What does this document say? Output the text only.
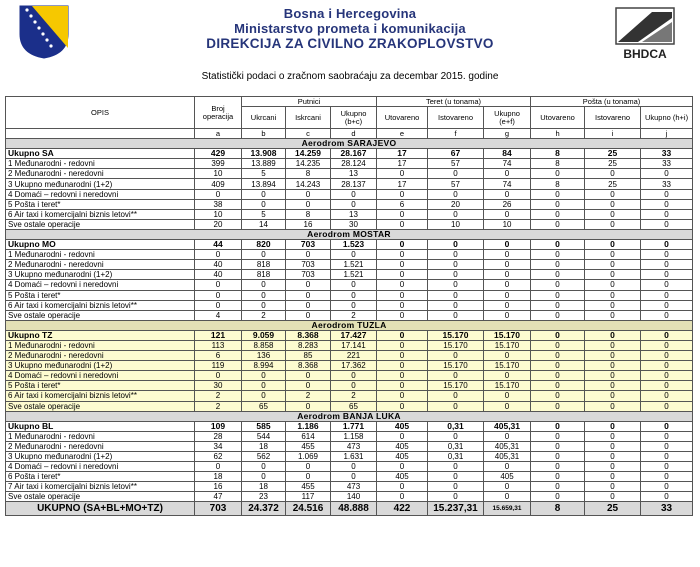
Bosna i Hercegovina
Ministarstvo prometa i komunikacija
DIREKCIJA ZA CIVILNO ZRAKOPLOVSTVO
BHDCA
Statistički podaci o zračnom saobraćaju za decembar 2015. godine
OPIS	Broj operacija	Putnici			Teret (u tonama)			Pošta (u tonama)		
		Ukrcani	Iskrcani	Ukupno (b+c)	Utovareno	Istovareno	Ukupno (e+f)	Utovareno	Istovareno	Ukupno (h+i)
	a	b	c	d	e	f	g	h	i	j
Aerodrom SARAJEVO										
Ukupno SA	429	13.908	14.259	28.167	17	67	84	8	25	33
1 Međunarodni - redovni	399	13.889	14.235	28.124	17	57	74	8	25	33
2 Međunarodni - neredovni	10	5	8	13	0	0	0	0	0	0
3 Ukupno međunarodni (1+2)	409	13.894	14.243	28.137	17	57	74	8	25	33
4 Domaći – redovni i neredovni	0	0	0	0	0	0	0	0	0	0
5 Pošta i teret*	38	0	0	0	6	20	26	0	0	0
6 Air taxi i komercijalni biznis letovi**	10	5	8	13	0	0	0	0	0	0
Sve ostale operacije	20	14	16	30	0	10	10	0	0	0
Aerodrom MOSTAR										
Ukupno MO	44	820	703	1.523	0	0	0	0	0	0
1 Međunarodni - redovni	0	0	0	0	0	0	0	0	0	0
2 Međunarodni - neredovni	40	818	703	1.521	0	0	0	0	0	0
3 Ukupno međunarodni (1+2)	40	818	703	1.521	0	0	0	0	0	0
4 Domaći – redovni i neredovni	0	0	0	0	0	0	0	0	0	0
5 Pošta i teret*	0	0	0	0	0	0	0	0	0	0
6 Air taxi i komercijalni biznis letovi**	0	0	0	0	0	0	0	0	0	0
Sve ostale operacije	4	2	0	2	0	0	0	0	0	0
Aerodrom TUZLA										
Ukupno TZ	121	9.059	8.368	17.427	0	15.170	15.170	0	0	0
1 Međunarodni - redovni	113	8.858	8.283	17.141	0	15.170	15.170	0	0	0
2 Međunarodni - neredovni	6	136	85	221	0	0	0	0	0	0
3 Ukupno međunarodni (1+2)	119	8.994	8.368	17.362	0	15.170	15.170	0	0	0
4 Domaći – redovni i neredovni	0	0	0	0	0	0	0	0	0	0
5 Pošta i teret*	30	0	0	0	0	15.170	15.170	0	0	0
6 Air taxi i komercijalni biznis letovi**	2	0	2	2	0	0	0	0	0	0
Sve ostale operacije	2	65	0	65	0	0	0	0	0	0
Aerodrom BANJA LUKA										
Ukupno BL	109	585	1.186	1.771	405	0,31	405,31	0	0	0
1 Međunarodni - redovni	28	544	614	1.158	0	0	0	0	0	0
2 Međunarodni - neredovni	34	18	455	473	405	0,31	405,31	0	0	0
3 Ukupno međunarodni (1+2)	62	562	1.069	1.631	405	0,31	405,31	0	0	0
4 Domaći – redovni i neredovni	0	0	0	0	0	0	0	0	0	0
6 Pošta i teret*	18	0	0	0	405	0	405	0	0	0
7 Air taxi i komercijalni biznis letovi**	16	18	455	473	0	0	0	0	0	0
Sve ostale operacije	47	23	117	140	0	0	0	0	0	0
UKUPNO (SA+BL+MO+TZ)	703	24.372	24.516	48.888	422	15.237,31	15.659,31	8	25	33
